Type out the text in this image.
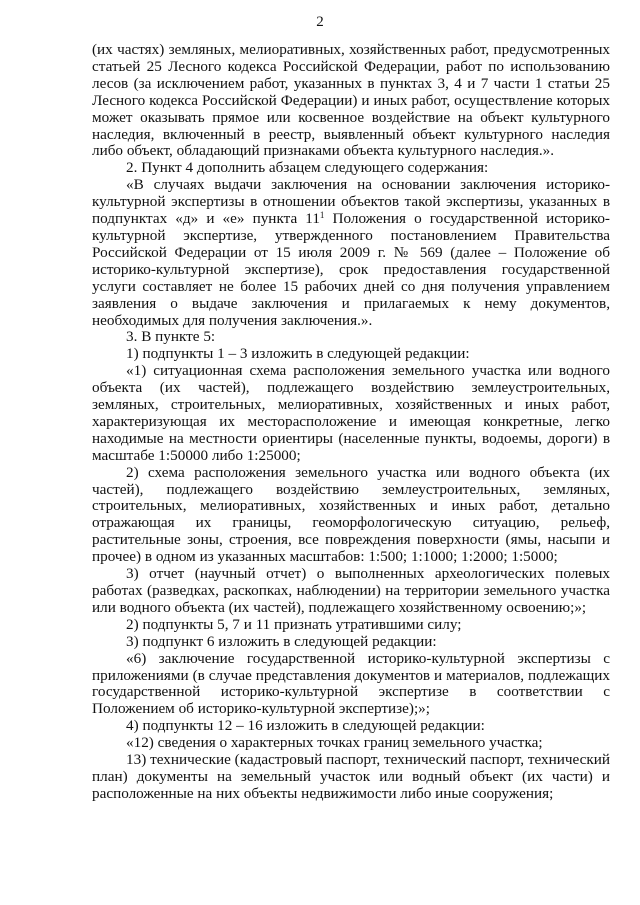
2

(их частях) земляных, мелиоративных, хозяйственных работ, предусмотренных статьей 25 Лесного кодекса Российской Федерации, работ по использованию лесов (за исключением работ, указанных в пунктах 3, 4 и 7 части 1 статьи 25 Лесного кодекса Российской Федерации) и иных работ, осуществление которых может оказывать прямое или косвенное воздействие на объект культурного наследия, включенный в реестр, выявленный объект культурного наследия либо объект, обладающий признаками объекта культурного наследия.».

2. Пункт 4 дополнить абзацем следующего содержания:

«В случаях выдачи заключения на основании заключения историко-культурной экспертизы в отношении объектов такой экспертизы, указанных в подпунктах «д» и «е» пункта $11^1$ Положения о государственной историко-культурной экспертизе, утвержденного постановлением Правительства Российской Федерации от 15 июля 2009 г. № 569 (далее – Положение об историко-культурной экспертизе), срок предоставления государственной услуги составляет не более 15 рабочих дней со дня получения управлением заявления о выдаче заключения и прилагаемых к нему документов, необходимых для получения заключения.».

3. В пункте 5:

1) подпункты 1 – 3 изложить в следующей редакции:

«1) ситуационная схема расположения земельного участка или водного объекта (их частей), подлежащего воздействию землеустроительных, земляных, строительных, мелиоративных, хозяйственных и иных работ, характеризующая их месторасположение и имеющая конкретные, легко находимые на местности ориентиры (населенные пункты, водоемы, дороги) в масштабе 1:50000 либо 1:25000;

2) схема расположения земельного участка или водного объекта (их частей), подлежащего воздействию землеустроительных, земляных, строительных, мелиоративных, хозяйственных и иных работ, детально отражающая их границы, геоморфологическую ситуацию, рельеф, растительные зоны, строения, все повреждения поверхности (ямы, насыпи и прочее) в одном из указанных масштабов: 1:500; 1:1000; 1:2000; 1:5000;

3) отчет (научный отчет) о выполненных археологических полевых работах (разведках, раскопках, наблюдении) на территории земельного участка или водного объекта (их частей), подлежащего хозяйственному освоению;»;

2) подпункты 5, 7 и 11 признать утратившими силу;

3) подпункт 6 изложить в следующей редакции:

«6) заключение государственной историко-культурной экспертизы с приложениями (в случае представления документов и материалов, подлежащих государственной историко-культурной экспертизе в соответствии с Положением об историко-культурной экспертизе);»;

4) подпункты 12 – 16 изложить в следующей редакции:

«12) сведения о характерных точках границ земельного участка;

13) технические (кадастровый паспорт, технический паспорт, технический план) документы на земельный участок или водный объект (их части) и расположенные на них объекты недвижимости либо иные сооружения;
